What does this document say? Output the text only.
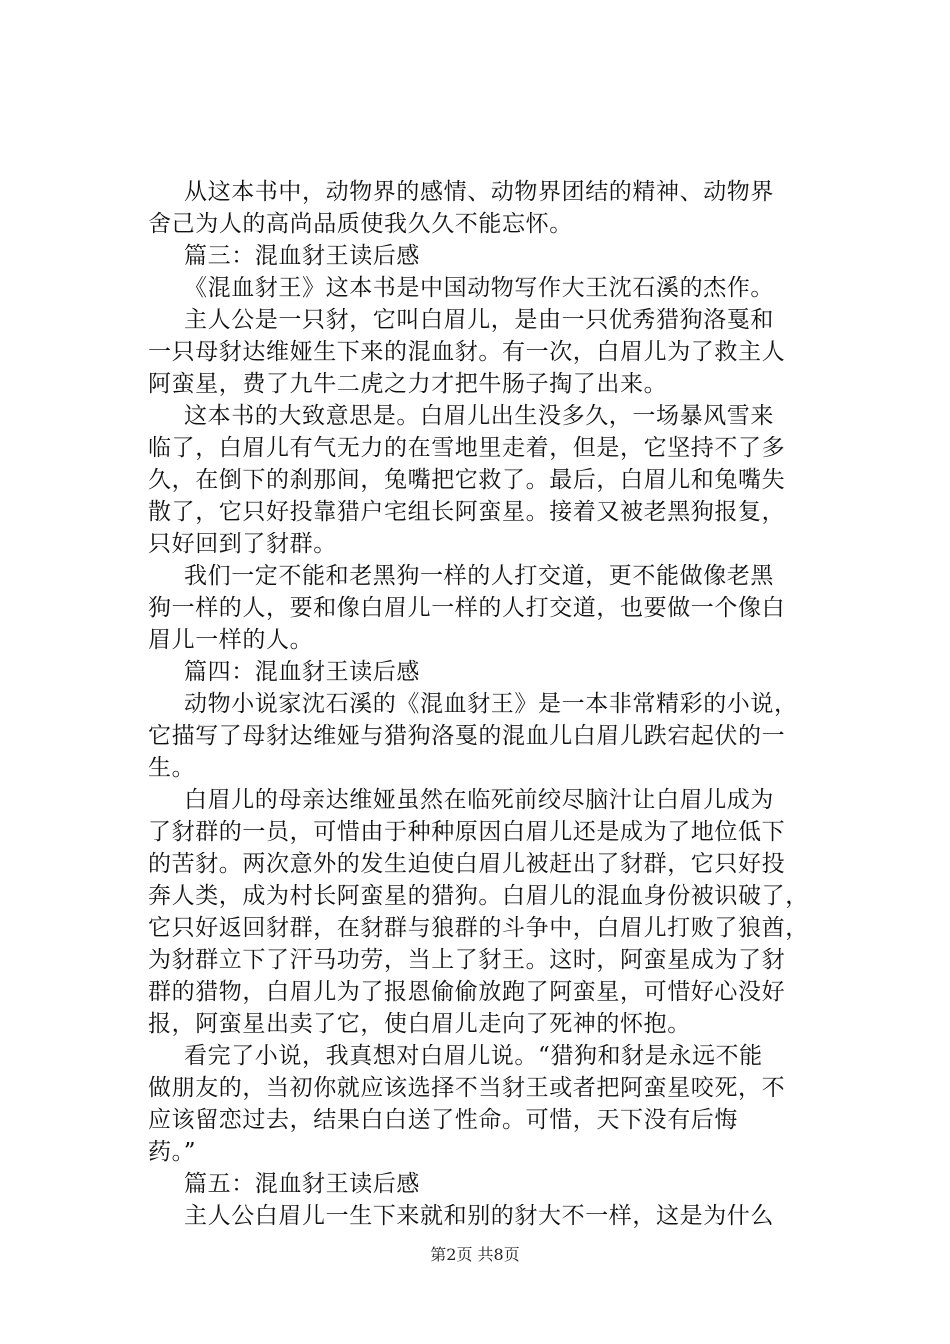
从这本书中，动物界的感情、动物界团结的精神、动物界
舍己为人的高尚品质使我久久不能忘怀。
篇三：混血豺王读后感
《混血豺王》这本书是中国动物写作大王沈石溪的杰作。
主人公是一只豺，它叫白眉儿，是由一只优秀猎狗洛戛和
一只母豺达维娅生下来的混血豺。有一次，白眉儿为了救主人
阿蛮星，费了九牛二虎之力才把牛肠子掏了出来。
这本书的大致意思是。白眉儿出生没多久，一场暴风雪来
临了，白眉儿有气无力的在雪地里走着，但是，它坚持不了多
久，在倒下的刹那间，兔嘴把它救了。最后，白眉儿和兔嘴失
散了，它只好投靠猎户宅组长阿蛮星。接着又被老黑狗报复，
只好回到了豺群。
我们一定不能和老黑狗一样的人打交道，更不能做像老黑
狗一样的人，要和像白眉儿一样的人打交道，也要做一个像白
眉儿一样的人。
篇四：混血豺王读后感
动物小说家沈石溪的《混血豺王》是一本非常精彩的小说，
它描写了母豺达维娅与猎狗洛戛的混血儿白眉儿跌宕起伏的一
生。
白眉儿的母亲达维娅虽然在临死前绞尽脑汁让白眉儿成为
了豺群的一员，可惜由于种种原因白眉儿还是成为了地位低下
的苦豺。两次意外的发生迫使白眉儿被赶出了豺群，它只好投
奔人类，成为村长阿蛮星的猎狗。白眉儿的混血身份被识破了，
它只好返回豺群，在豺群与狼群的斗争中，白眉儿打败了狼酋，
为豺群立下了汗马功劳，当上了豺王。这时，阿蛮星成为了豺
群的猎物，白眉儿为了报恩偷偷放跑了阿蛮星，可惜好心没好
报，阿蛮星出卖了它，使白眉儿走向了死神的怀抱。
看完了小说，我真想对白眉儿说。“猎狗和豺是永远不能
做朋友的，当初你就应该选择不当豺王或者把阿蛮星咬死，不
应该留恋过去，结果白白送了性命。可惜，天下没有后悔
药。”
篇五：混血豺王读后感
主人公白眉儿一生下来就和别的豺大不一样，这是为什么
第2页 共8页
